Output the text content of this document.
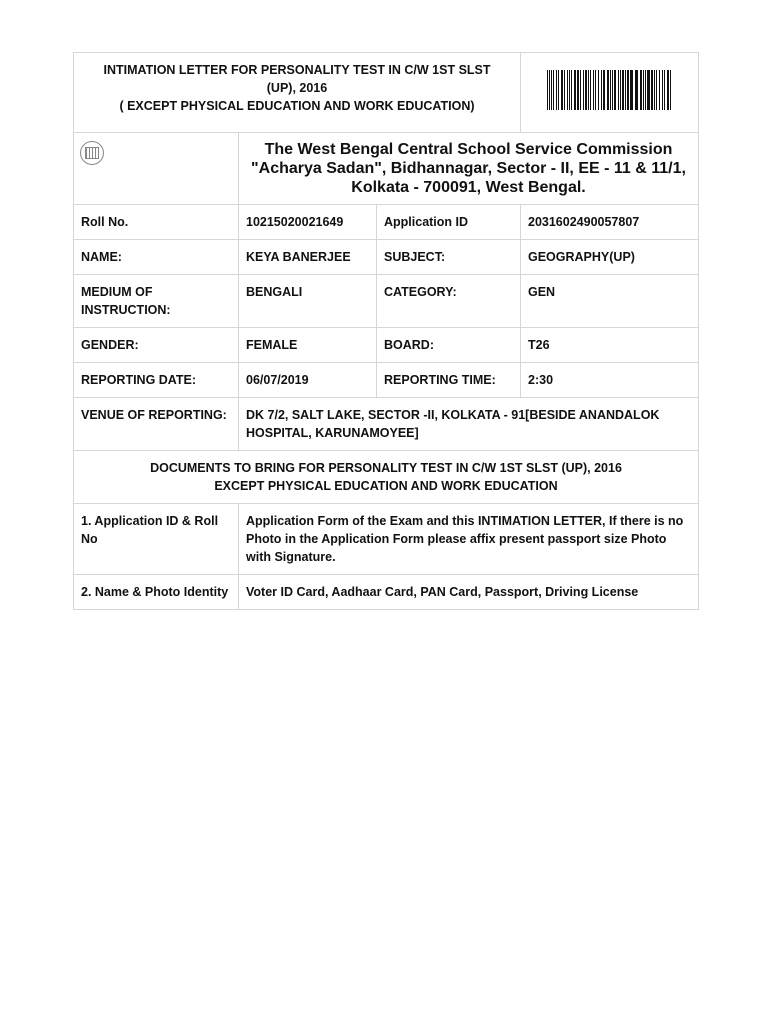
INTIMATION LETTER FOR PERSONALITY TEST IN C/W 1ST SLST
(UP), 2016
( EXCEPT PHYSICAL EDUCATION AND WORK EDUCATION)

	The West Bengal Central School Service Commission
"Acharya Sadan", Bidhannagar, Sector - II, EE - 11 & 11/1,
Kolkata - 700091, West Bengal.		

Roll No.	10215020021649	Application ID	2031602490057807
NAME:	KEYA BANERJEE	SUBJECT:	GEOGRAPHY(UP)
MEDIUM OF INSTRUCTION:	BENGALI	CATEGORY:	GEN
GENDER:	FEMALE	BOARD:	T26
REPORTING DATE:	06/07/2019	REPORTING TIME:	2:30
VENUE OF REPORTING:	DK 7/2, SALT LAKE, SECTOR -II, KOLKATA - 91[BESIDE ANANDALOK HOSPITAL, KARUNAMOYEE]		

DOCUMENTS TO BRING FOR PERSONALITY TEST IN C/W 1ST SLST (UP), 2016
EXCEPT PHYSICAL EDUCATION AND WORK EDUCATION			

1. Application ID & Roll No	Application Form of the Exam and this INTIMATION LETTER, If there is no Photo in the Application Form please affix present passport size Photo with Signature.		
2. Name & Photo Identity	Voter ID Card, Aadhaar Card, PAN Card, Passport, Driving License		
